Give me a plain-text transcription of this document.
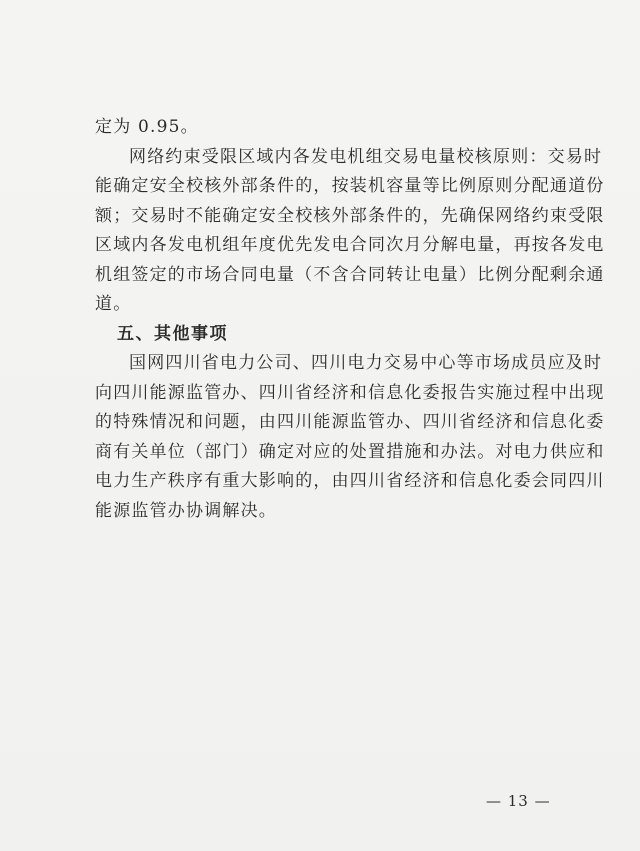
定为 0.95。
网络约束受限区域内各发电机组交易电量校核原则：交易时
能确定安全校核外部条件的，按装机容量等比例原则分配通道份
额；交易时不能确定安全校核外部条件的，先确保网络约束受限
区域内各发电机组年度优先发电合同次月分解电量，再按各发电
机组签定的市场合同电量（不含合同转让电量）比例分配剩余通
道。
五、其他事项
国网四川省电力公司、四川电力交易中心等市场成员应及时
向四川能源监管办、四川省经济和信息化委报告实施过程中出现
的特殊情况和问题，由四川能源监管办、四川省经济和信息化委
商有关单位（部门）确定对应的处置措施和办法。对电力供应和
电力生产秩序有重大影响的，由四川省经济和信息化委会同四川
能源监管办协调解决。
— 13 —
